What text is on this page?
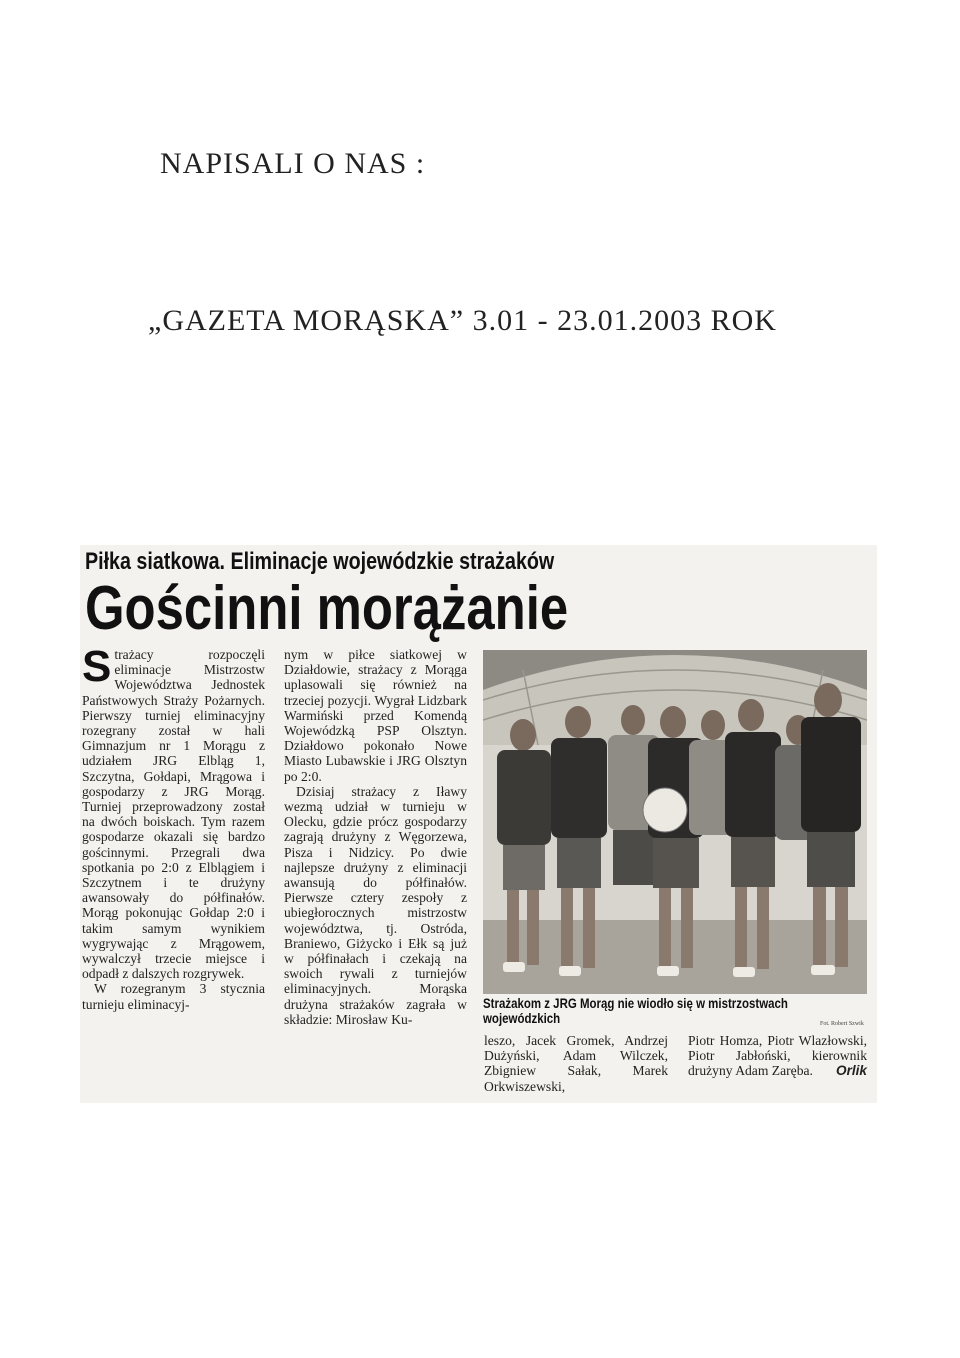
NAPISALI O NAS :
„GAZETA MORĄSKA” 3.01 - 23.01.2003 ROK
Piłka siatkowa. Eliminacje wojewódzkie strażaków
Gościnni morążanie

Strażacy rozpoczęli eliminacje Mistrzostw Województwa Jednostek Państwowych Straży Pożarnych. Pierwszy turniej eliminacyjny rozegrany został w hali Gimnazjum nr 1 Morągu z udziałem JRG Elbląg 1, Szczytna, Gołdapi, Mrągowa i gospodarzy z JRG Morąg. Turniej przeprowadzony został na dwóch boiskach. Tym razem gospodarze okazali się bardzo gościnnymi. Przegrali dwa spotkania po 2:0 z Elblągiem i Szczytnem i te drużyny awansowały do półfinałów. Morąg pokonując Gołdap 2:0 i takim samym wynikiem wygrywając z Mrągowem, wywalczył trzecie miejsce i odpadł z dalszych rozgrywek.

W rozegranym 3 stycznia turnieju eliminacyj-

nym w piłce siatkowej w Działdowie, strażacy z Morąga uplasowali się również na trzeciej pozycji. Wygrał Lidzbark Warmiński przed Komendą Wojewódzką PSP Olsztyn. Działdowo pokonało Nowe Miasto Lubawskie i JRG Olsztyn po 2:0.

Dzisiaj strażacy z Iławy wezmą udział w turnieju w Olecku, gdzie prócz gospodarzy zagrają drużyny z Węgorzewa, Pisza i Nidzicy. Po dwie najlepsze drużyny z eliminacji awansują do półfinałów. Pierwsze cztery zespoły z ubiegłorocznych mistrzostw województwa, tj. Ostróda, Braniewo, Giżycko i Ełk są już w półfinałach i czekają na swoich rywali z turniejów eliminacyjnych. Morąska drużyna strażaków zagrała w składzie: Mirosław Ku-

Strażakom z JRG Morąg nie wiodło się w mistrzostwach
wojewódzkich	Fot. Robert Szwik

leszo, Jacek Gromek, Andrzej Dużyński, Adam Wilczek, Zbigniew Sałak, Marek Orkwiszewski,

Piotr Homza, Piotr Wlazłowski, Piotr Jabłoński, kierownik drużyny Adam Zaręba. Orlik
